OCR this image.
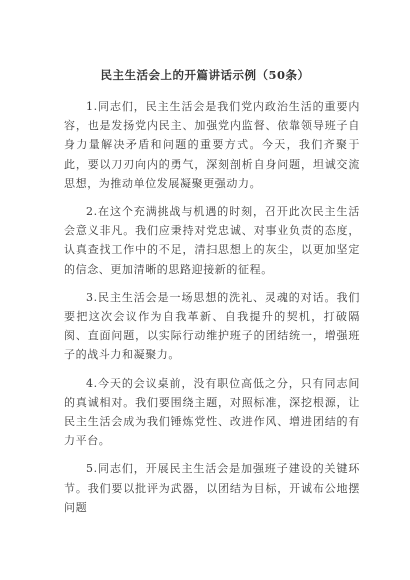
民主生活会上的开篇讲话示例（50条）

1.同志们，民主生活会是我们党内政治生活的重要内容，也是发扬党内民主、加强党内监督、依靠领导班子自身力量解决矛盾和问题的重要方式。今天，我们齐聚于此，要以刀刃向内的勇气，深刻剖析自身问题，坦诚交流思想，为推动单位发展凝聚更强动力。

2.在这个充满挑战与机遇的时刻，召开此次民主生活会意义非凡。我们应秉持对党忠诚、对事业负责的态度，认真查找工作中的不足，清扫思想上的灰尘，以更加坚定的信念、更加清晰的思路迎接新的征程。

3.民主生活会是一场思想的洗礼、灵魂的对话。我们要把这次会议作为自我革新、自我提升的契机，打破隔阂、直面问题，以实际行动维护班子的团结统一，增强班子的战斗力和凝聚力。

4.今天的会议桌前，没有职位高低之分，只有同志间的真诚相对。我们要围绕主题，对照标准，深挖根源，让民主生活会成为我们锤炼党性、改进作风、增进团结的有力平台。

5.同志们，开展民主生活会是加强班子建设的关键环节。我们要以批评为武器，以团结为目标，开诚布公地摆问题
